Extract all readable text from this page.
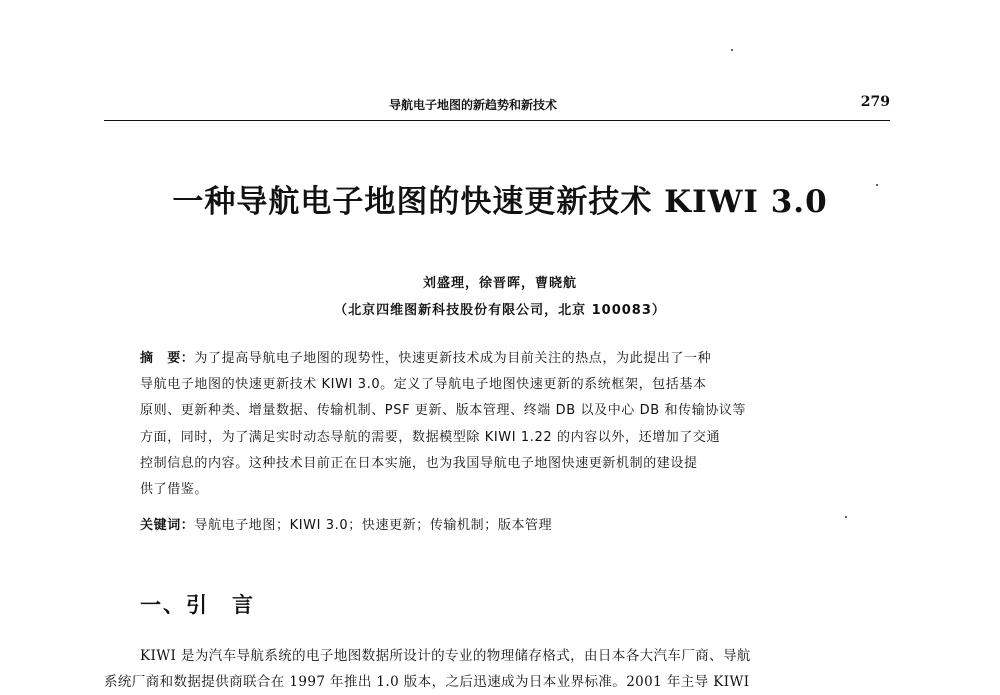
导航电子地图的新趋势和新技术	279
一种导航电子地图的快速更新技术 KIWI 3.0
刘盛理，徐晋晖，曹晓航
（北京四维图新科技股份有限公司，北京 100083）
摘　要：为了提高导航电子地图的现势性，快速更新技术成为目前关注的热点，为此提出了一种
导航电子地图的快速更新技术 KIWI 3.0。定义了导航电子地图快速更新的系统框架，包括基本
原则、更新种类、增量数据、传输机制、PSF 更新、版本管理、终端 DB 以及中心 DB 和传输协议等
方面，同时，为了满足实时动态导航的需要，数据模型除 KIWI 1.22 的内容以外，还增加了交通
控制信息的内容。这种技术目前正在日本实施，也为我国导航电子地图快速更新机制的建设提
供了借鉴。
关键词：导航电子地图；KIWI 3.0；快速更新；传输机制；版本管理
一、引　言
KIWI 是为汽车导航系统的电子地图数据所设计的专业的物理储存格式，由日本各大汽车厂商、导航
系统厂商和数据提供商联合在 1997 年推出 1.0 版本，之后迅速成为日本业界标准。2001 年主导 KIWI
